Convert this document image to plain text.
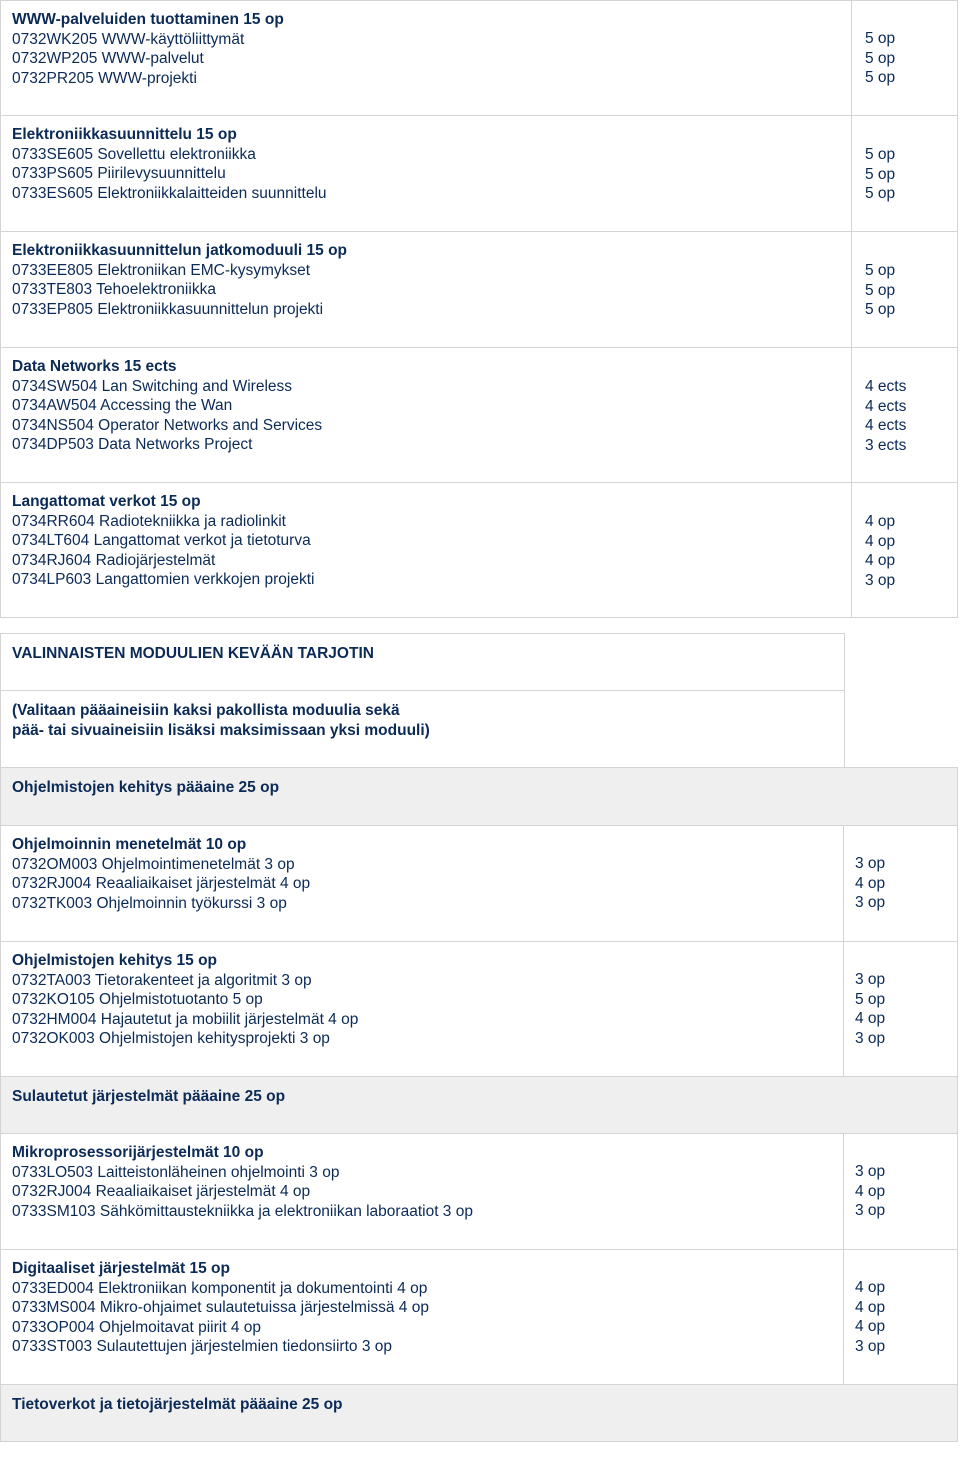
WWW-palveluiden tuottaminen 15 op
0732WK205 WWW-käyttöliittymät
0732WP205 WWW-palvelut
0732PR205 WWW-projekti
5 op
5 op
5 op
Elektroniikkasuunnittelu 15 op
0733SE605 Sovellettu elektroniikka
0733PS605 Piirilevysuunnittelu
0733ES605 Elektroniikkalaitteiden suunnittelu
5 op
5 op
5 op
Elektroniikkasuunnittelun jatkomoduuli 15 op
0733EE805 Elektroniikan EMC-kysymykset
0733TE803 Tehoelektroniikka
0733EP805 Elektroniikkasuunnittelun projekti
5 op
5 op
5 op
Data Networks 15 ects
0734SW504 Lan Switching and Wireless
0734AW504 Accessing the Wan
0734NS504 Operator Networks and Services
0734DP503 Data Networks Project
4 ects
4 ects
4 ects
3 ects
Langattomat verkot 15 op
0734RR604 Radiotekniikka ja radiolinkit
0734LT604 Langattomat verkot ja tietoturva
0734RJ604 Radiojärjestelmät
0734LP603 Langattomien verkkojen projekti
4 op
4 op
4 op
3 op
VALINNAISTEN MODUULIEN KEVÄÄN TARJOTIN
(Valitaan pääaineisiin kaksi pakollista moduulia sekä
pää- tai sivuaineisiin lisäksi maksimissaan yksi moduuli)
Ohjelmistojen kehitys pääaine 25 op
Ohjelmoinnin menetelmät 10 op
0732OM003 Ohjelmointimenetelmät 3 op
0732RJ004 Reaaliaikaiset järjestelmät 4 op
0732TK003 Ohjelmoinnin työkurssi 3 op
3 op
4 op
3 op
Ohjelmistojen kehitys 15 op
0732TA003 Tietorakenteet ja algoritmit 3 op
0732KO105 Ohjelmistotuotanto 5 op
0732HM004 Hajautetut ja mobiilit järjestelmät 4 op
0732OK003 Ohjelmistojen kehitysprojekti 3 op
3 op
5 op
4 op
3 op
Sulautetut järjestelmät pääaine 25 op
Mikroprosessorijärjestelmät 10 op
0733LO503 Laitteistonläheinen ohjelmointi 3 op
0732RJ004 Reaaliaikaiset järjestelmät 4 op
0733SM103 Sähkömittaustekniikka ja elektroniikan laboraatiot 3 op
3 op
4 op
3 op
Digitaaliset järjestelmät 15 op
0733ED004 Elektroniikan komponentit ja dokumentointi 4 op
0733MS004 Mikro-ohjaimet sulautetuissa järjestelmissä 4 op
0733OP004 Ohjelmoitavat piirit 4 op
0733ST003 Sulautettujen järjestelmien tiedonsiirto 3 op
4 op
4 op
4 op
3 op
Tietoverkot ja tietojärjestelmät pääaine 25 op
